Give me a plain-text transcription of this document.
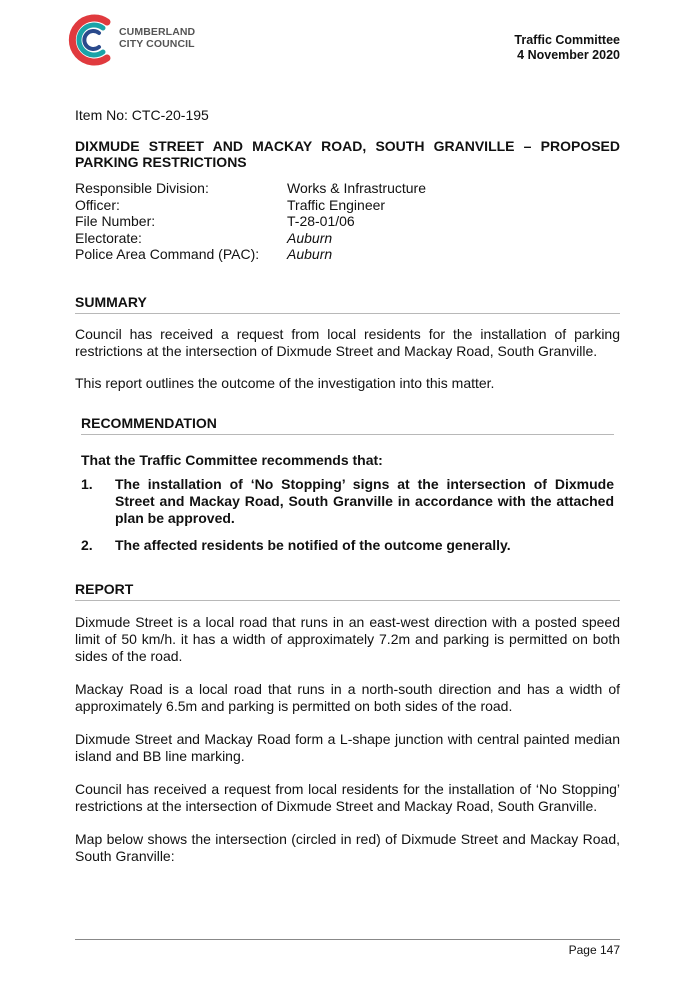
CUMBERLAND
CITY COUNCIL	Traffic Committee
4 November 2020
Item No: CTC-20-195
DIXMUDE STREET AND MACKAY ROAD, SOUTH GRANVILLE – PROPOSED PARKING RESTRICTIONS
Responsible Division:	Works & Infrastructure
Officer:	Traffic Engineer
File Number:	T-28-01/06
Electorate:	Auburn
Police Area Command (PAC):	Auburn
SUMMARY
Council has received a request from local residents for the installation of parking restrictions at the intersection of Dixmude Street and Mackay Road, South Granville.
This report outlines the outcome of the investigation into this matter.
RECOMMENDATION
That the Traffic Committee recommends that:
1.	The installation of ‘No Stopping’ signs at the intersection of Dixmude Street and Mackay Road, South Granville in accordance with the attached plan be approved.
2.	The affected residents be notified of the outcome generally.
REPORT
Dixmude Street is a local road that runs in an east-west direction with a posted speed limit of 50 km/h. it has a width of approximately 7.2m and parking is permitted on both sides of the road.
Mackay Road is a local road that runs in a north-south direction and has a width of approximately 6.5m and parking is permitted on both sides of the road.
Dixmude Street and Mackay Road form a L-shape junction with central painted median island and BB line marking.
Council has received a request from local residents for the installation of ‘No Stopping’ restrictions at the intersection of Dixmude Street and Mackay Road, South Granville.
Map below shows the intersection (circled in red) of Dixmude Street and Mackay Road, South Granville:
Page 147
